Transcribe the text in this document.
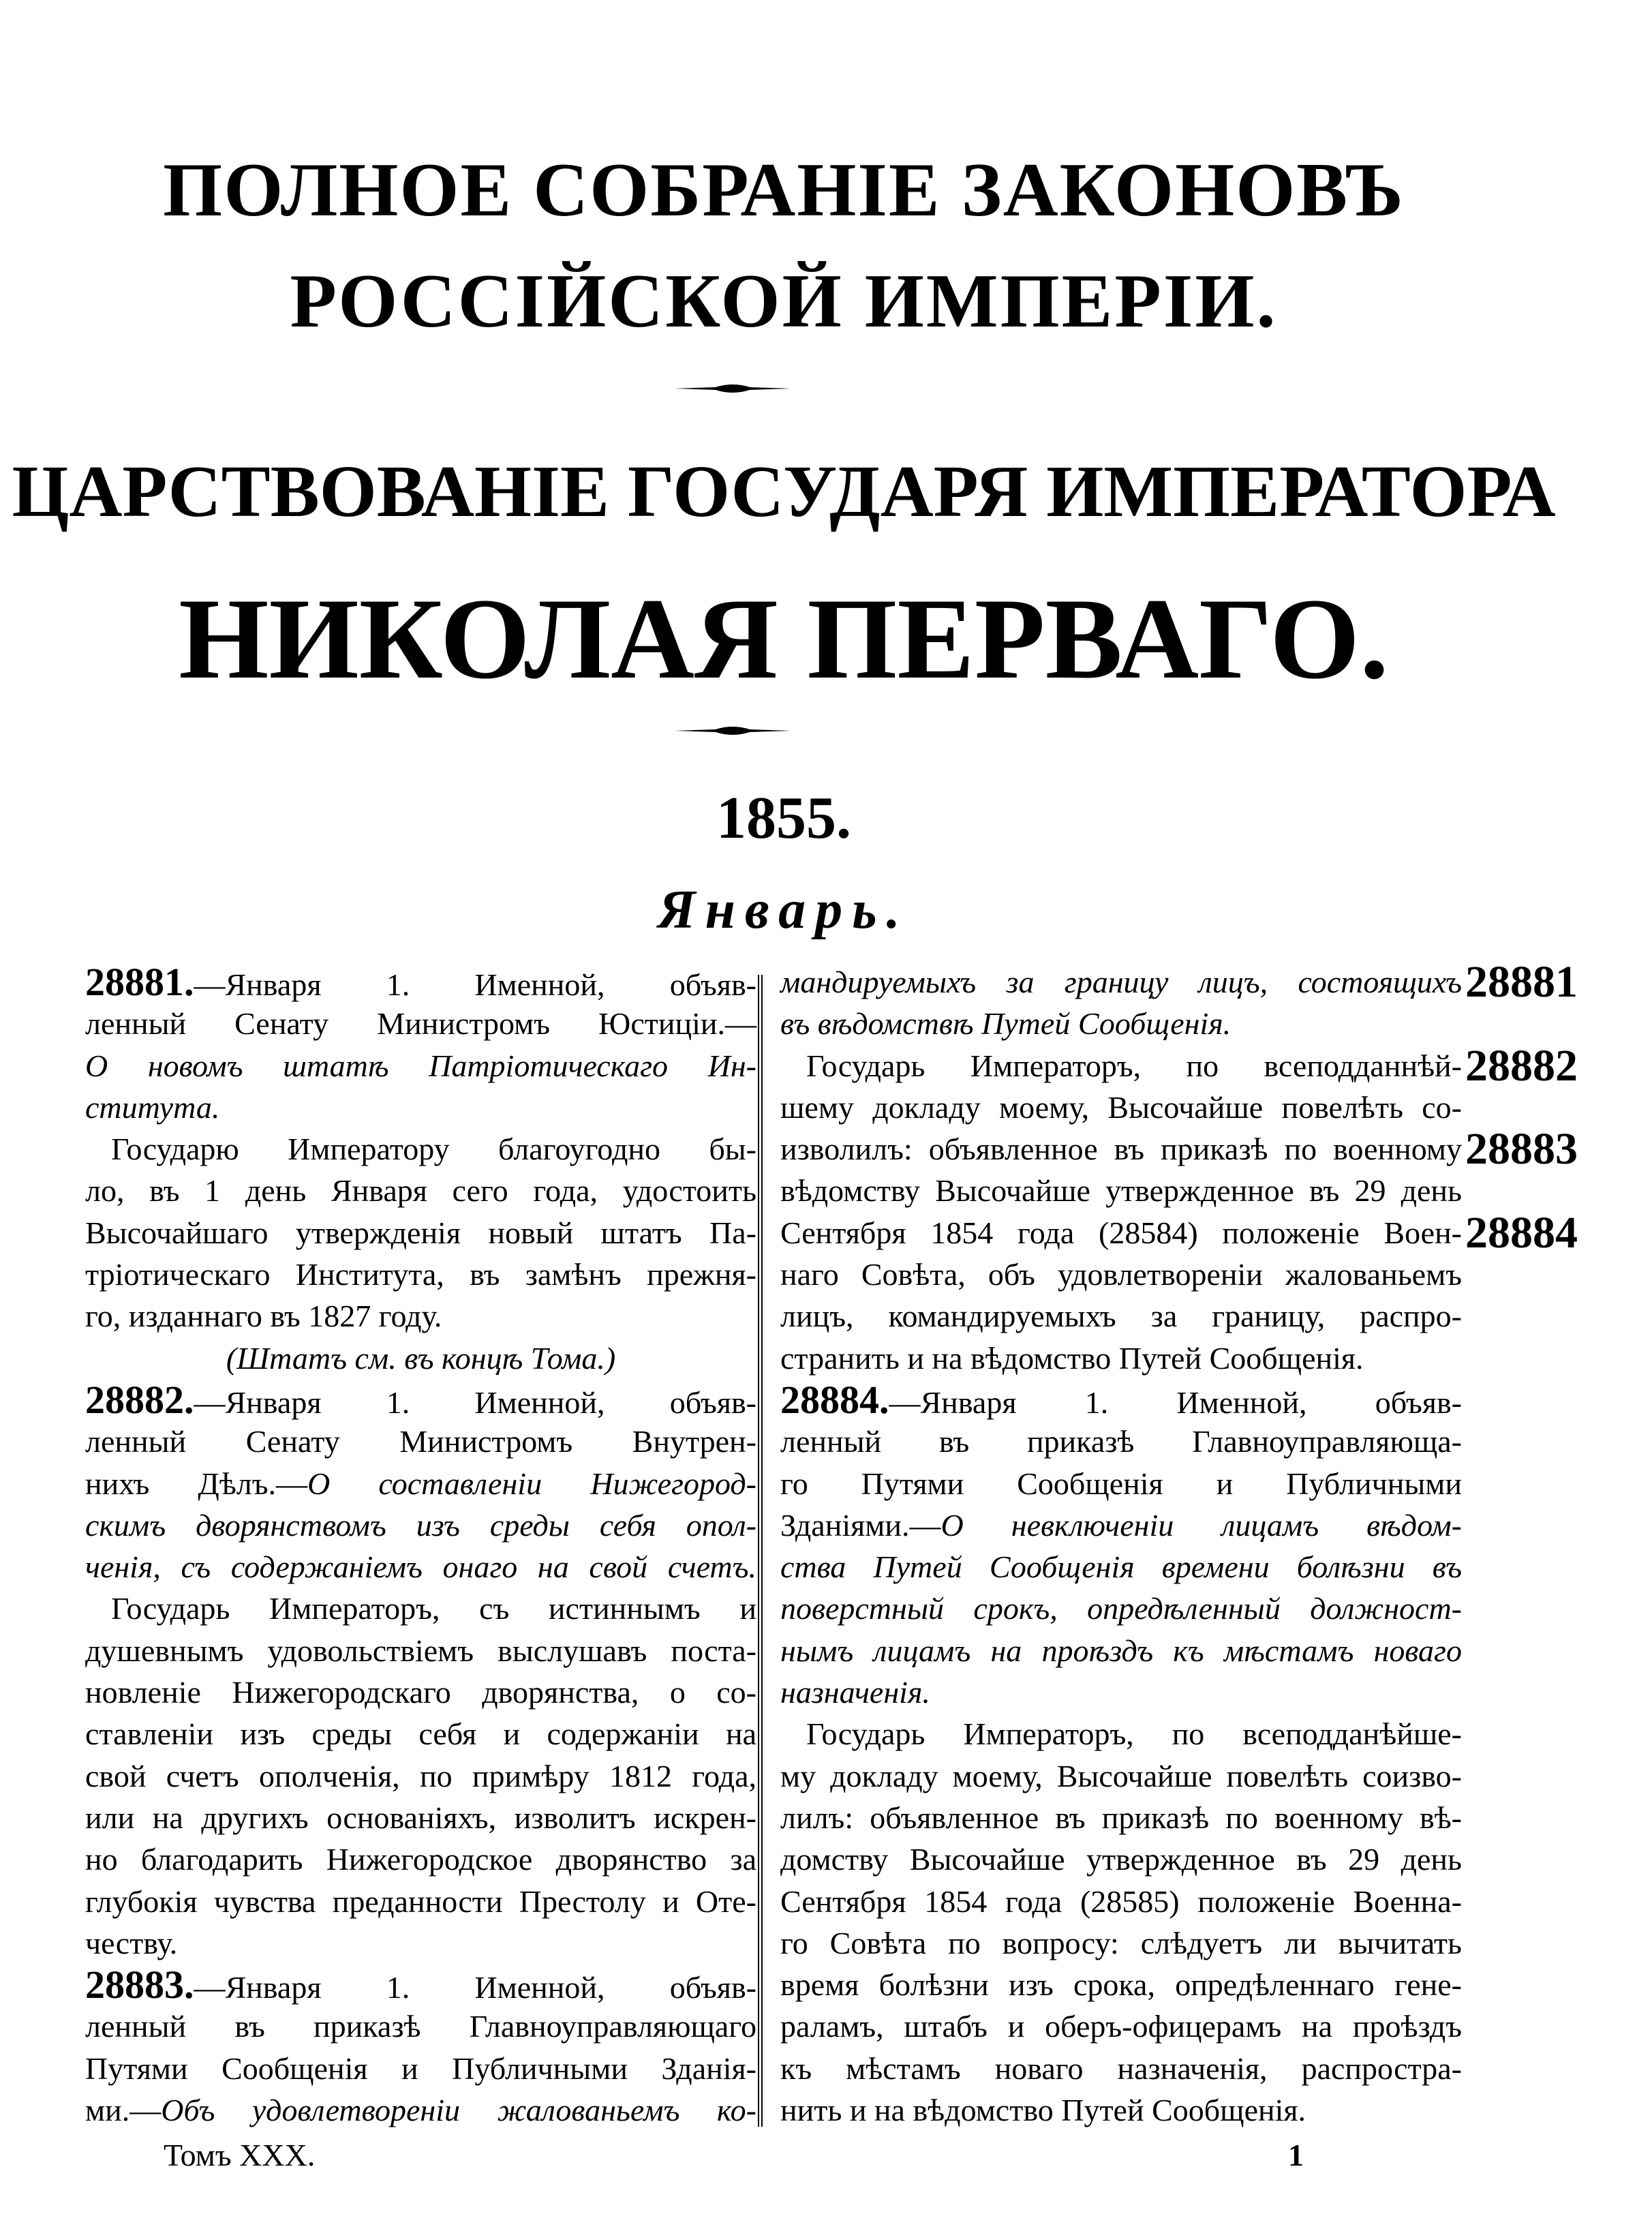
ПОЛНОЕ СОБРАНІЕ ЗАКОНОВЪ
РОССІЙСКОЙ ИМПЕРІИ.
ЦАРСТВОВАНІЕ ГОСУДАРЯ ИМПЕРАТОРА
НИКОЛАЯ ПЕРВАГО.
1855.
Январь.
28881.—Января 1. Именной, объяв-
ленный Сенату Министромъ Юстиціи.—
О новомъ штатѣ Патріотическаго Ин-
ститута.
Государю Императору благоугодно бы-
ло, въ 1 день Января сего года, удостоить
Высочайшаго утвержденія новый штатъ Па-
тріотическаго Института, въ замѣнъ прежня-
го, изданнаго въ 1827 году.
(Штатъ см. въ концѣ Тома.)
28882.—Января 1. Именной, объяв-
ленный Сенату Министромъ Внутрен-
нихъ Дѣлъ.—О составленіи Нижегород-
скимъ дворянствомъ изъ среды себя опол-
ченія, съ содержаніемъ онаго на свой счетъ.
Государь Императоръ, съ истиннымъ и
душевнымъ удовольствіемъ выслушавъ поста-
новленіе Нижегородскаго дворянства, о со-
ставленіи изъ среды себя и содержаніи на
свой счетъ ополченія, по примѣру 1812 года,
или на другихъ основаніяхъ, изволитъ искрен-
но благодарить Нижегородское дворянство за
глубокія чувства преданности Престолу и Оте-
честву.
28883.—Января 1. Именной, объяв-
ленный въ приказѣ Главноуправляющаго
Путями Сообщенія и Публичными Зданія-
ми.—Объ удовлетвореніи жалованьемъ ко-
мандируемыхъ за границу лицъ, состоящихъ
въ вѣдомствѣ Путей Сообщенія.
Государь Императоръ, по всеподданнѣй-
шему докладу моему, Высочайше повелѣть со-
изволилъ: объявленное въ приказѣ по военному
вѣдомству Высочайше утвержденное въ 29 день
Сентября 1854 года (28584) положеніе Воен-
наго Совѣта, объ удовлетвореніи жалованьемъ
лицъ, командируемыхъ за границу, распро-
странить и на вѣдомство Путей Сообщенія.
28884.—Января 1. Именной, объяв-
ленный въ приказѣ Главноуправляюща-
го Путями Сообщенія и Публичными
Зданіями.—О невключеніи лицамъ вѣдом-
ства Путей Сообщенія времени болѣзни въ
поверстный срокъ, опредѣленный должност-
нымъ лицамъ на проѣздъ къ мѣстамъ новаго
назначенія.
Государь Императоръ, по всеподданѣйше-
му докладу моему, Высочайше повелѣть соизво-
лилъ: объявленное въ приказѣ по военному вѣ-
домству Высочайше утвержденное въ 29 день
Сентября 1854 года (28585) положеніе Военна-
го Совѣта по вопросу: слѣдуетъ ли вычитать
время болѣзни изъ срока, опредѣленнаго гене-
раламъ, штабъ и оберъ-офицерамъ на проѣздъ
къ мѣстамъ новаго назначенія, распростра-
нить и на вѣдомство Путей Сообщенія.
28881
28882
28883
28884
Томъ XXX.	1
